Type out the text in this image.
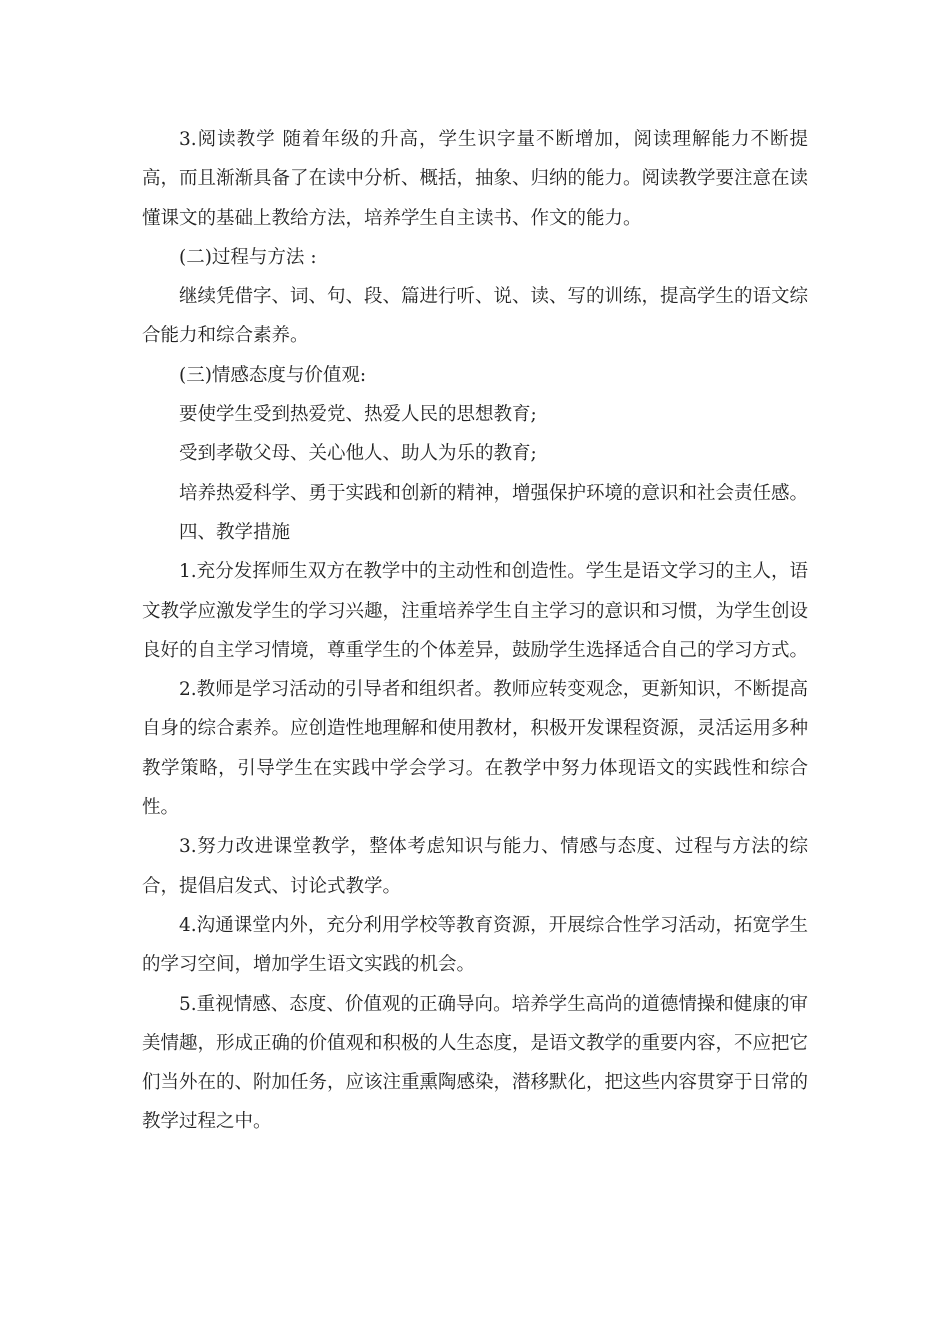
3.阅读教学 随着年级的升高，学生识字量不断增加，阅读理解能力不断提高，而且渐渐具备了在读中分析、概括，抽象、归纳的能力。阅读教学要注意在读懂课文的基础上教给方法，培养学生自主读书、作文的能力。

(二)过程与方法 :

继续凭借字、词、句、段、篇进行听、说、读、写的训练，提高学生的语文综合能力和综合素养。

(三)情感态度与价值观:

要使学生受到热爱党、热爱人民的思想教育;

受到孝敬父母、关心他人、助人为乐的教育;

培养热爱科学、勇于实践和创新的精神，增强保护环境的意识和社会责任感。

四、教学措施

1.充分发挥师生双方在教学中的主动性和创造性。学生是语文学习的主人，语文教学应激发学生的学习兴趣，注重培养学生自主学习的意识和习惯，为学生创设良好的自主学习情境，尊重学生的个体差异，鼓励学生选择适合自己的学习方式。

2.教师是学习活动的引导者和组织者。教师应转变观念，更新知识，不断提高自身的综合素养。应创造性地理解和使用教材，积极开发课程资源，灵活运用多种教学策略，引导学生在实践中学会学习。在教学中努力体现语文的实践性和综合性。

3.努力改进课堂教学，整体考虑知识与能力、情感与态度、过程与方法的综合，提倡启发式、讨论式教学。

4.沟通课堂内外，充分利用学校等教育资源，开展综合性学习活动，拓宽学生的学习空间，增加学生语文实践的机会。

5.重视情感、态度、价值观的正确导向。培养学生高尚的道德情操和健康的审美情趣，形成正确的价值观和积极的人生态度，是语文教学的重要内容，不应把它们当外在的、附加任务，应该注重熏陶感染，潜移默化，把这些内容贯穿于日常的教学过程之中。
